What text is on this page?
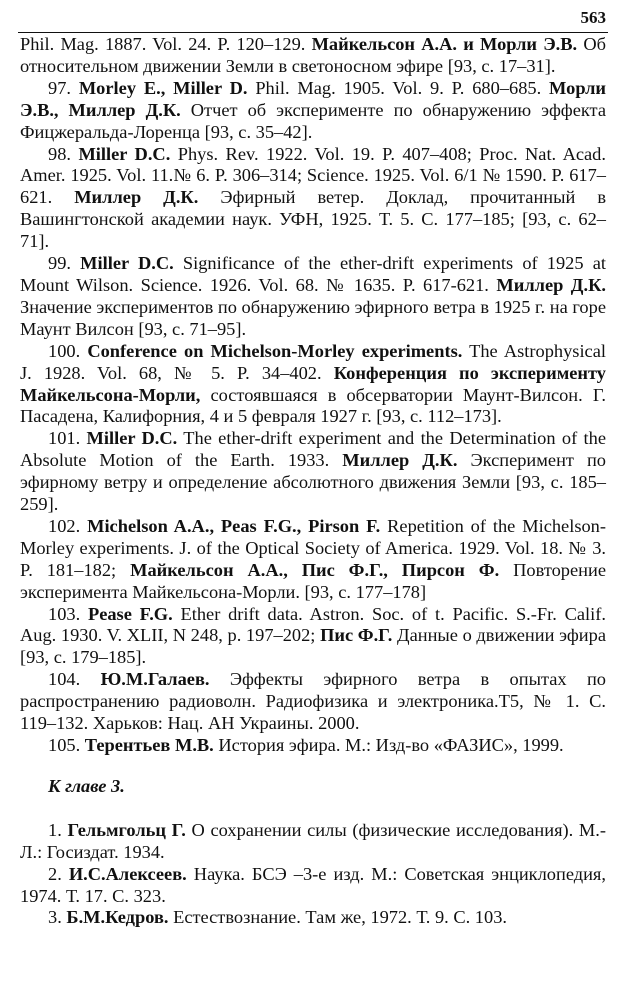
563

Phil. Mag. 1887. Vol. 24. P. 120–129. Майкельсон А.А. и Морли Э.В. Об относительном движении Земли в светоносном эфире [93, с. 17–31].

97. Morley E., Miller D. Phil. Mag. 1905. Vol. 9. P. 680–685. Морли Э.В., Миллер Д.К. Отчет об эксперименте по обнаружению эффекта Фицжеральда-Лоренца [93, с. 35–42].

98. Miller D.C. Phys. Rev. 1922. Vol. 19. P. 407–408; Proc. Nat. Acad. Amer. 1925. Vol. 11.№ 6. P. 306–314; Science. 1925. Vol. 6/1 № 1590. P. 617–621. Миллер Д.К. Эфирный ветер. Доклад, прочитанный в Вашингтонской академии наук. УФН, 1925. Т. 5. С. 177–185; [93, с. 62–71].

99. Miller D.C. Significance of the ether-drift experiments of 1925 at Mount Wilson. Science. 1926. Vol. 68. № 1635. P. 617-621. Миллер Д.К. Значение экспериментов по обнаружению эфирного ветра в 1925 г. на горе Маунт Вилсон [93, с. 71–95].

100. Conference on Michelson-Morley experiments. The Astrophysical J. 1928. Vol. 68, № 5. P. 34–402. Конференция по эксперименту Майкельсона-Морли, состоявшаяся в обсерватории Маунт-Вилсон. Г. Пасадена, Калифорния, 4 и 5 февраля 1927 г. [93, с. 112–173].

101. Miller D.C. The ether-drift experiment and the Determination of the Absolute Motion of the Earth. 1933. Миллер Д.К. Эксперимент по эфирному ветру и определение абсолютного движения Земли [93, с. 185–259].

102. Michelson A.A., Peas F.G., Pirson F. Repetition of the Michelson-Morley experiments. J. of the Optical Society of America. 1929. Vol. 18. № 3. P. 181–182; Майкельсон А.А., Пис Ф.Г., Пирсон Ф. Повторение эксперимента Майкельсона-Морли. [93, с. 177–178]

103. Pease F.G. Ether drift data. Astron. Soc. of t. Pacific. S.-Fr. Calif. Aug. 1930. V. XLII, N 248, p. 197–202; Пис Ф.Г. Данные о движении эфира [93, с. 179–185].

104. Ю.М.Галаев. Эффекты эфирного ветра в опытах по распространению радиоволн. Радиофизика и электроника.Т5, № 1. С. 119–132. Харьков: Нац. АН Украины. 2000.

105. Терентьев М.В. История эфира. М.: Изд-во «ФАЗИС», 1999.

К главе 3.

1. Гельмгольц Г. О сохранении силы (физические исследования). М.-Л.: Госиздат. 1934.

2. И.С.Алексеев. Наука. БСЭ –3-е изд. М.: Советская энциклопедия, 1974. Т. 17. С. 323.

3. Б.М.Кедров. Естествознание. Там же, 1972. Т. 9. С. 103.
